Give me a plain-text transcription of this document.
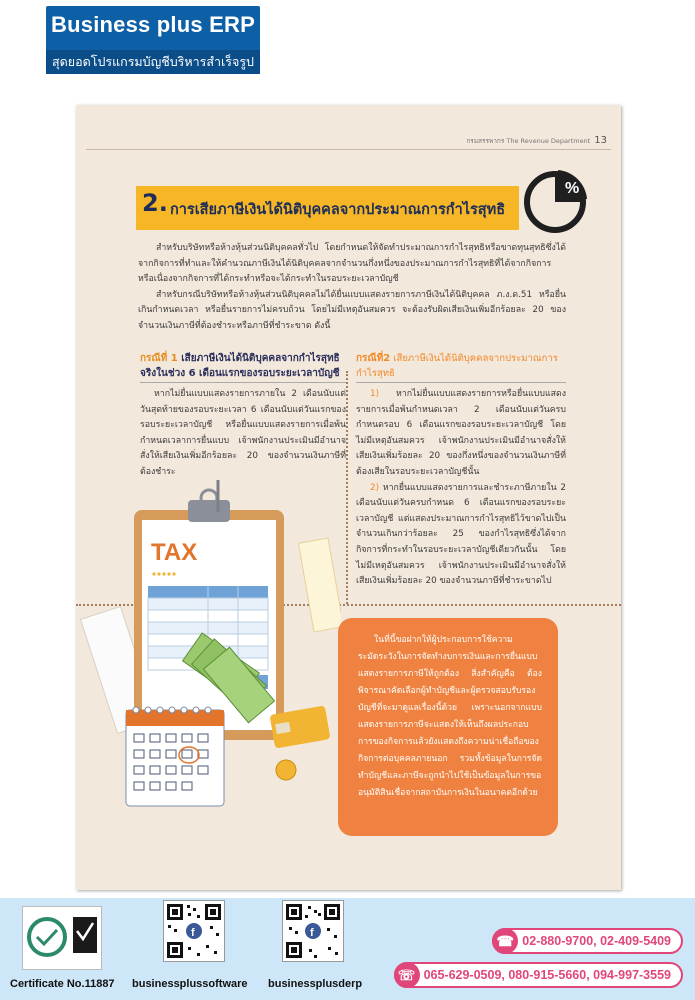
Business plus ERP
สุดยอดโปรแกรมบัญชีบริหารสำเร็จรูป
กรมสรรพากร The Revenue Department 13
2. การเสียภาษีเงินได้นิติบุคคลจากประมาณการกำไรสุทธิ
%

สำหรับบริษัทหรือห้างหุ้นส่วนนิติบุคคลทั่วไป โดยกำหนดให้จัดทำประมาณการกำไรสุทธิหรือขาดทุนสุทธิซึ่งได้จากกิจการที่ทำและให้คำนวณภาษีเงินได้นิติบุคคลจากจำนวนกึ่งหนึ่งของประมาณการกำไรสุทธิที่ได้จากกิจการหรือเนื่องจากกิจการที่ได้กระทำหรือจะได้กระทำในรอบระยะเวลาบัญชี

สำหรับกรณีบริษัทหรือห้างหุ้นส่วนนิติบุคคลไม่ได้ยื่นแบบแสดงรายการภาษีเงินได้นิติบุคคล ภ.ง.ด.51 หรือยื่นเกินกำหนดเวลา หรือยื่นรายการไม่ครบถ้วน โดยไม่มีเหตุอันสมควร จะต้องรับผิดเสียเงินเพิ่มอีกร้อยละ 20 ของจำนวนเงินภาษีที่ต้องชำระหรือภาษีที่ชำระขาด ดังนี้

กรณีที่ 1 เสียภาษีเงินได้นิติบุคคลจากกำไรสุทธิจริงในช่วง 6 เดือนแรกของรอบระยะเวลาบัญชี
หากไม่ยื่นแบบแสดงรายการภายใน 2 เดือนนับแต่วันสุดท้ายของรอบระยะเวลา 6 เดือนนับแต่วันแรกของรอบระยะเวลาบัญชี หรือยื่นแบบแสดงรายการเมื่อพ้นกำหนดเวลาการยื่นแบบ เจ้าพนักงานประเมินมีอำนาจสั่งให้เสียเงินเพิ่มอีกร้อยละ 20 ของจำนวนเงินภาษีที่ต้องชำระ
กรณีที่2 เสียภาษีเงินได้นิติบุคคลจากประมาณการกำไรสุทธิ
1) หากไม่ยื่นแบบแสดงรายการหรือยื่นแบบแสดงรายการเมื่อพ้นกำหนดเวลา 2 เดือนนับแต่วันครบกำหนดรอบ 6 เดือนแรกของรอบระยะเวลาบัญชี โดยไม่มีเหตุอันสมควร เจ้าพนักงานประเมินมีอำนาจสั่งให้เสียเงินเพิ่มร้อยละ 20 ของกึ่งหนึ่งของจำนวนเงินภาษีที่ต้องเสียในรอบระยะเวลาบัญชีนั้น
2) หากยื่นแบบแสดงรายการและชำระภาษีภายใน 2 เดือนนับแต่วันครบกำหนด 6 เดือนแรกของรอบระยะเวลาบัญชี แต่แสดงประมาณการกำไรสุทธิไว้ขาดไปเป็นจำนวนเกินกว่าร้อยละ 25 ของกำไรสุทธิซึ่งได้จากกิจการที่กระทำในรอบระยะเวลาบัญชีเดียวกันนั้น โดยไม่มีเหตุอันสมควร เจ้าพนักงานประเมินมีอำนาจสั่งให้เสียเงินเพิ่มร้อยละ 20 ของจำนวนภาษีที่ชำระขาดไป
TAX

ในที่นี้ขอฝากให้ผู้ประกอบการใช้ความระมัดระวังในการจัดทำงบการเงินและการยื่นแบบแสดงรายการภาษีให้ถูกต้อง สิ่งสำคัญคือ ต้องพิจารณาคัดเลือกผู้ทำบัญชีและผู้ตรวจสอบรับรองบัญชีที่จะมาดูแลเรื่องนี้ด้วย เพราะนอกจากแบบแสดงรายการภาษีจะแสดงให้เห็นถึงผลประกอบการของกิจการแล้วยังแสดงถึงความน่าเชื่อถือของกิจการต่อบุคคลภายนอก รวมทั้งข้อมูลในการจัดทำบัญชีและภาษีจะถูกนำไปใช้เป็นข้อมูลในการขออนุมัติสินเชื่อจากสถาบันการเงินในอนาคตอีกด้วย

Certificate No.11887
f
businessplussoftware
f
businessplusderp
☎ 02-880-9700, 02-409-5409
☏ 065-629-0509, 080-915-5660, 094-997-3559
